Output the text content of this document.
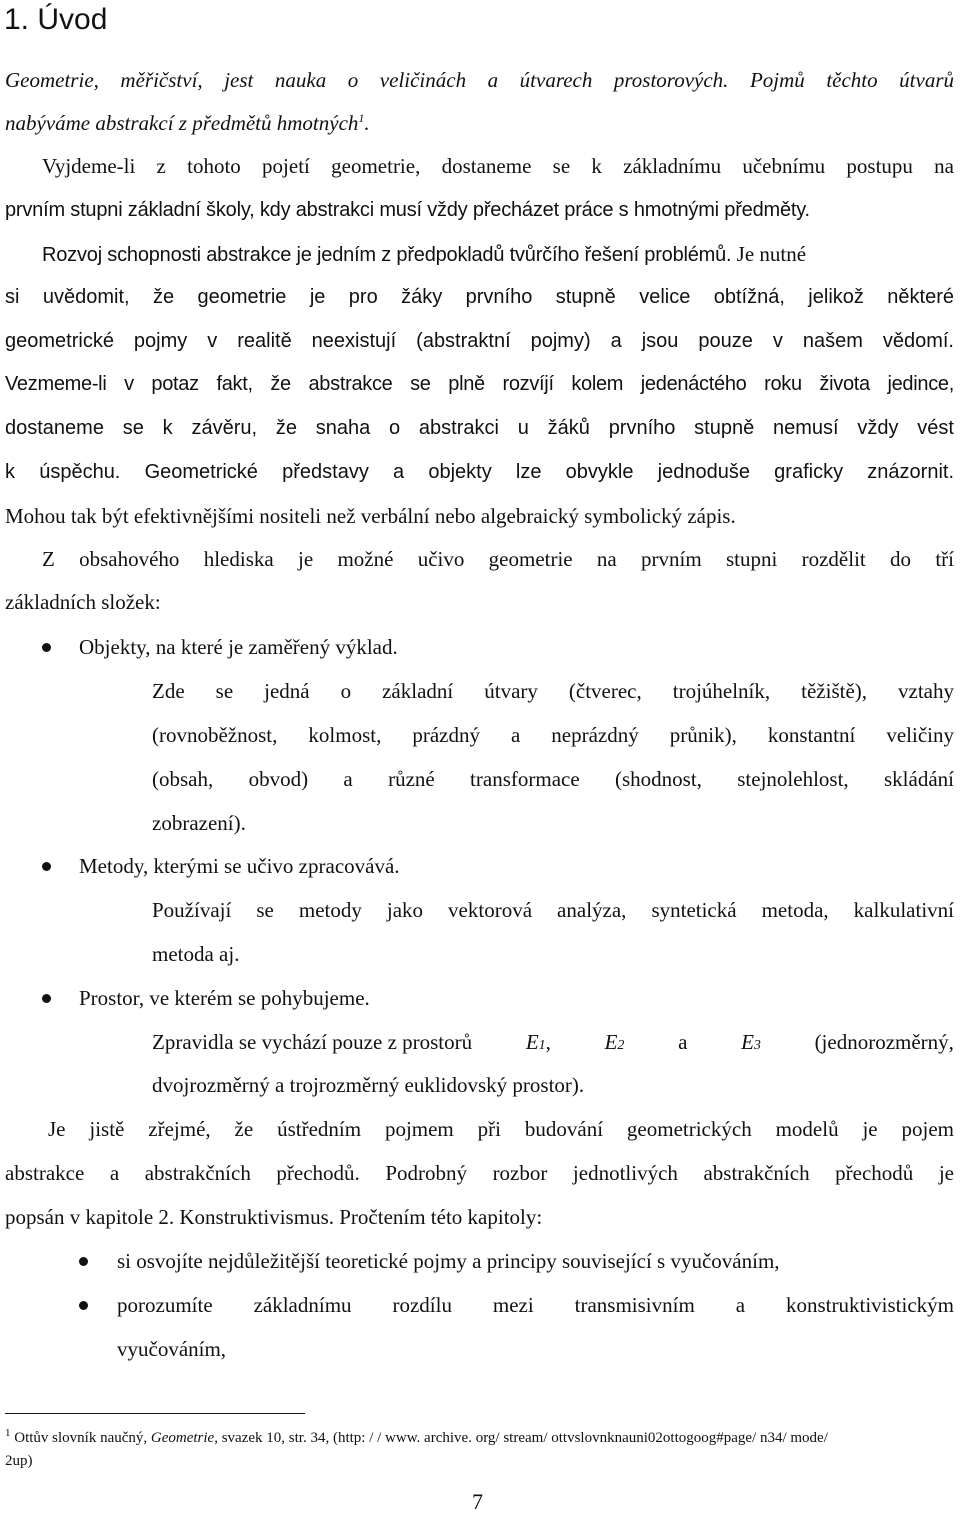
1. Úvod
Geometrie, měřičství, jest nauka o veličinách a útvarech prostorových. Pojmů těchto útvarů
nabýváme abstrakcí z předmětů hmotných$^1$.
Vyjdeme-li z tohoto pojetí geometrie, dostaneme se k základnímu učebnímu postupu na
prvním stupni základní školy, kdy abstrakci musí vždy přecházet práce s hmotnými předměty.
Rozvoj schopnosti abstrakce je jedním z předpokladů tvůrčího řešení problémů. Je nutné
si uvědomit, že geometrie je pro žáky prvního stupně velice obtížná, jelikož některé
geometrické pojmy v realitě neexistují (abstraktní pojmy) a jsou pouze v našem vědomí.
Vezmeme-li v potaz fakt, že abstrakce se plně rozvíjí kolem jedenáctého roku života jedince,
dostaneme se k závěru, že snaha o abstrakci u žáků prvního stupně nemusí vždy vést
k úspěchu. Geometrické představy a objekty lze obvykle jednoduše graficky znázornit.
Mohou tak být efektivnějšími nositeli než verbální nebo algebraický symbolický zápis.
Z obsahového hlediska je možné učivo geometrie na prvním stupni rozdělit do tří
základních složek:
Objekty, na které je zaměřený výklad.
Zde se jedná o základní útvary (čtverec, trojúhelník, těžiště), vztahy
(rovnoběžnost, kolmost, prázdný a neprázdný průnik), konstantní veličiny
(obsah, obvod) a různé transformace (shodnost, stejnolehlost, skládání
zobrazení).
Metody, kterými se učivo zpracovává.
Používají se metody jako vektorová analýza, syntetická metoda, kalkulativní
metoda aj.
Prostor, ve kterém se pohybujeme.
Zpravidla se vychází pouze z prostorů	E1,	E2	a	E3	(jednorozměrný,
dvojrozměrný a trojrozměrný euklidovský prostor).
Je jistě zřejmé, že ústředním pojmem při budování geometrických modelů je pojem
abstrakce a abstrakčních přechodů. Podrobný rozbor jednotlivých abstrakčních přechodů je
popsán v kapitole 2. Konstruktivismus. Pročtením této kapitoly:
si osvojíte nejdůležitější teoretické pojmy a principy související s vyučováním,
porozumíte základnímu rozdílu mezi transmisivním a konstruktivistickým
vyučováním,
$^1$ Ottův slovník naučný, Geometrie, svazek 10, str. 34, (http: / / www. archive. org/ stream/ ottvslovnknauni02ottogoog#page/ n34/ mode/
2up)
7
